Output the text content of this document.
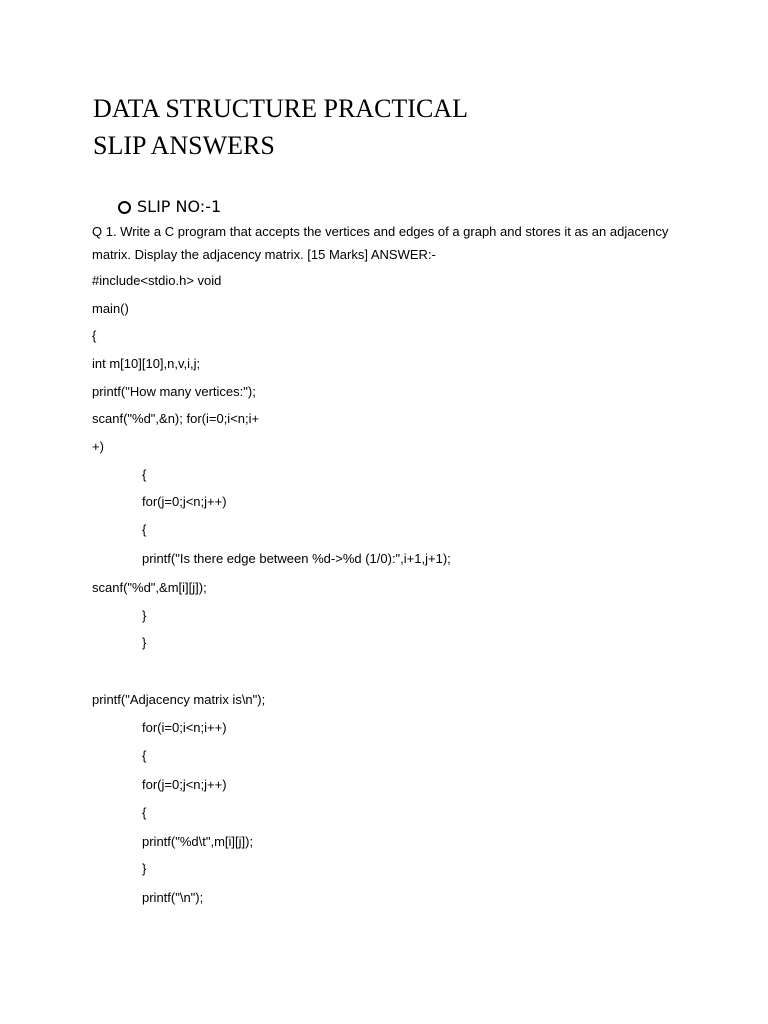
DATA STRUCTURE PRACTICAL
SLIP ANSWERS
SLIP NO:-1
Q 1. Write a C program that accepts the vertices and edges of a graph and stores it as an adjacency
matrix. Display the adjacency matrix. [15 Marks] ANSWER:-
#include<stdio.h> void
main()
{
int m[10][10],n,v,i,j;
printf("How many vertices:");
scanf("%d",&n); for(i=0;i<n;i+
+)
{
for(j=0;j<n;j++)
{
printf("Is there edge between %d->%d (1/0):",i+1,j+1);
scanf("%d",&m[i][j]);
}
}
printf("Adjacency matrix is\n");
for(i=0;i<n;i++)
{
for(j=0;j<n;j++)
{
printf("%d\t",m[i][j]);
}
printf("\n");
